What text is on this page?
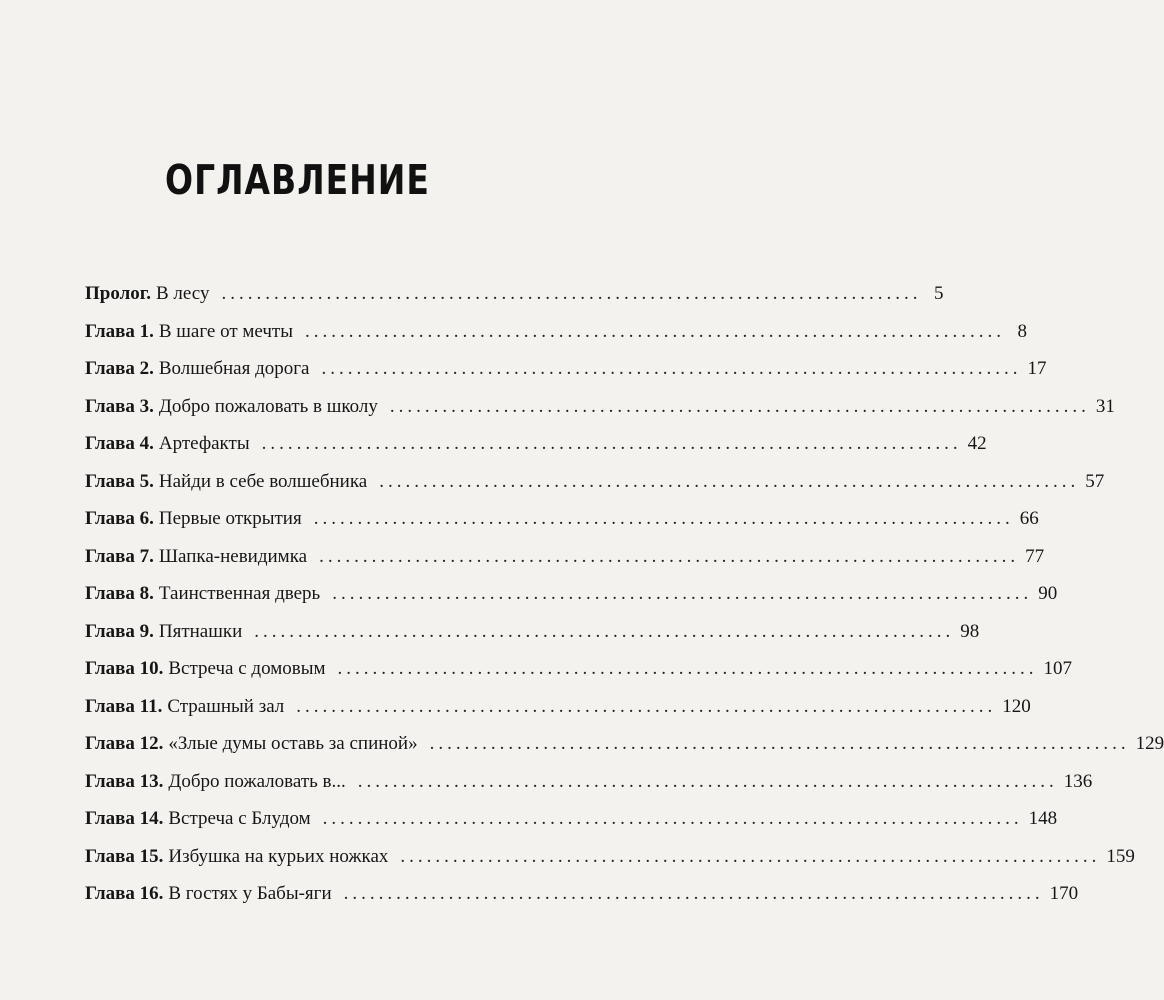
ОГЛАВЛЕНИЕ
Пролог. В лесу ................................................................................ 5
Глава 1. В шаге от мечты ................................................................................ 8
Глава 2. Волшебная дорога ................................................................................ 17
Глава 3. Добро пожаловать в школу ................................................................................ 31
Глава 4. Артефакты ................................................................................ 42
Глава 5. Найди в себе волшебника ................................................................................ 57
Глава 6. Первые открытия ................................................................................ 66
Глава 7. Шапка-невидимка ................................................................................ 77
Глава 8. Таинственная дверь ................................................................................ 90
Глава 9. Пятнашки ................................................................................ 98
Глава 10. Встреча с домовым ................................................................................ 107
Глава 11. Страшный зал ................................................................................ 120
Глава 12. «Злые думы оставь за спиной» ................................................................................ 129
Глава 13. Добро пожаловать в... ................................................................................ 136
Глава 14. Встреча с Блудом ................................................................................ 148
Глава 15. Избушка на курьих ножках ................................................................................ 159
Глава 16. В гостях у Бабы-яги ................................................................................ 170
